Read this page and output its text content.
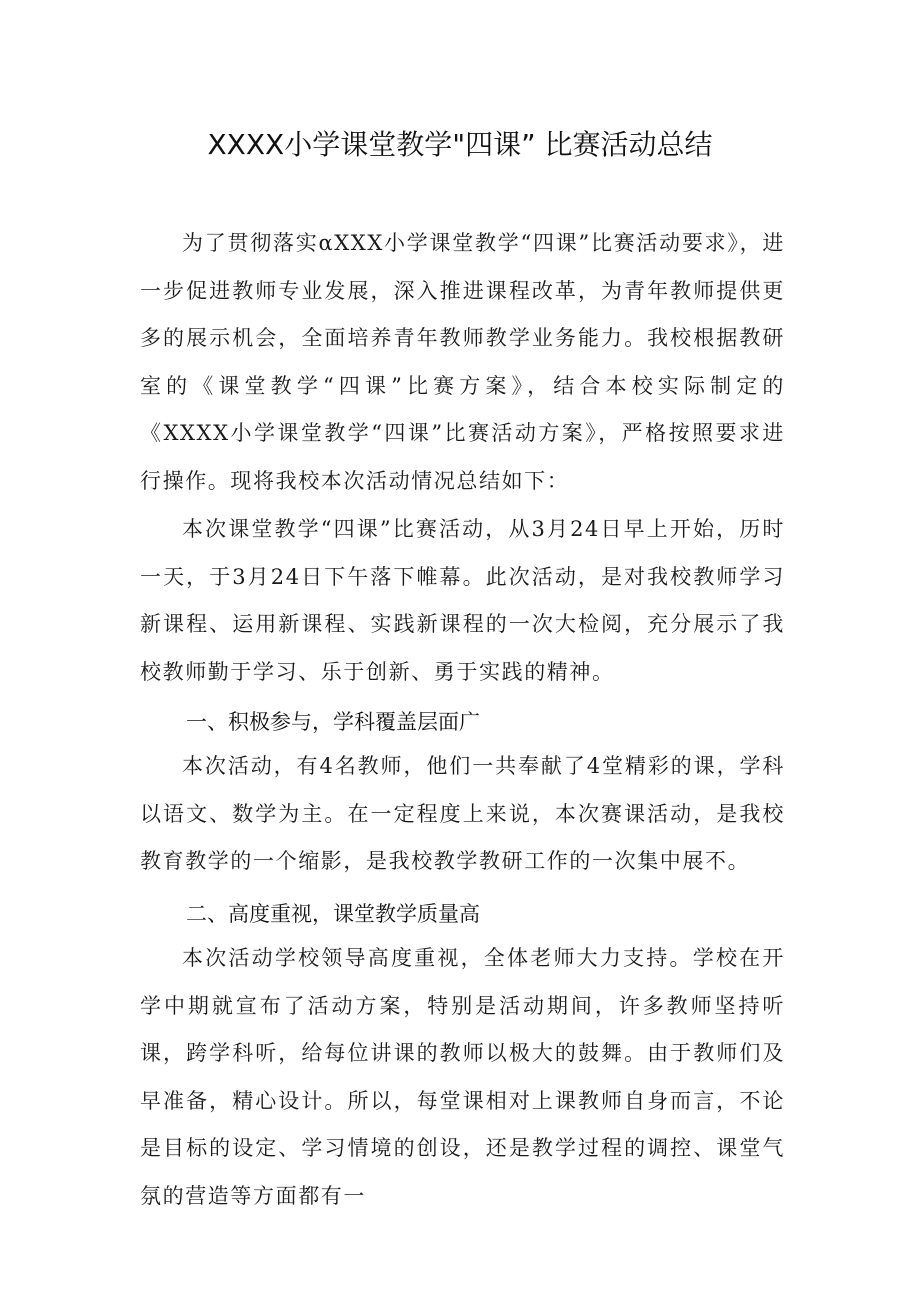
XXXX小学课堂教学"四课” 比赛活动总结

为了贯彻落实αXXX小学课堂教学“四课”比赛活动要求》，进一步促进教师专业发展，深入推进课程改革，为青年教师提供更多的展示机会，全面培养青年教师教学业务能力。我校根据教研室的《课堂教学“四课”比赛方案》，结合本校实际制定的《XXXX小学课堂教学“四课”比赛活动方案》，严格按照要求进行操作。现将我校本次活动情况总结如下：

本次课堂教学“四课”比赛活动，从3月24日早上开始，历时一天，于3月24日下午落下帷幕。此次活动，是对我校教师学习新课程、运用新课程、实践新课程的一次大检阅，充分展示了我校教师勤于学习、乐于创新、勇于实践的精神。

一、积极参与，学科覆盖层面广

本次活动，有4名教师，他们一共奉献了4堂精彩的课，学科以语文、数学为主。在一定程度上来说，本次赛课活动，是我校教育教学的一个缩影，是我校教学教研工作的一次集中展不。

二、高度重视，课堂教学质量高

本次活动学校领导高度重视，全体老师大力支持。学校在开学中期就宣布了活动方案，特别是活动期间，许多教师坚持听课，跨学科听，给每位讲课的教师以极大的鼓舞。由于教师们及早准备，精心设计。所以，每堂课相对上课教师自身而言，不论是目标的设定、学习情境的创设，还是教学过程的调控、课堂气氛的营造等方面都有一
